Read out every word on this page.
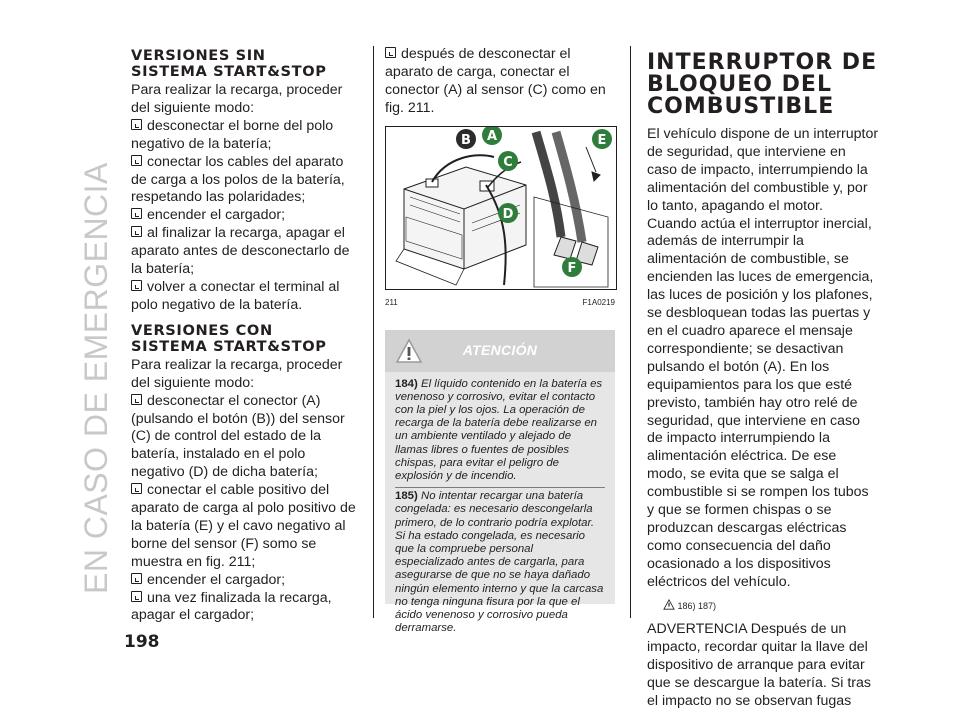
EN CASO DE EMERGENCIA
VERSIONES SIN
SISTEMA START&STOP

Para realizar la recarga, proceder del siguiente modo:

desconectar el borne del polo negativo de la batería;

conectar los cables del aparato de carga a los polos de la batería, respetando las polaridades;

encender el cargador;

al finalizar la recarga, apagar el aparato antes de desconectarlo de la batería;

volver a conectar el terminal al polo negativo de la batería.

VERSIONES CON
SISTEMA START&STOP

Para realizar la recarga, proceder del siguiente modo:

desconectar el conector (A) (pulsando el botón (B)) del sensor (C) de control del estado de la batería, instalado en el polo negativo (D) de dicha batería;

conectar el cable positivo del aparato de carga al polo positivo de la batería (E) y el cavo negativo al borne del sensor (F) somo se muestra en fig. 211;

encender el cargador;

una vez finalizada la recarga, apagar el cargador;

después de desconectar el aparato de carga, conectar el conector (A) al sensor (C) como en fig. 211.

B A
C
D
E
F
211	F1A0219
ATENCIÓN
184) El líquido contenido en la batería es venenoso y corrosivo, evitar el contacto con la piel y los ojos. La operación de recarga de la batería debe realizarse en un ambiente ventilado y alejado de llamas libres o fuentes de posibles chispas, para evitar el peligro de explosión y de incendio.
185) No intentar recargar una batería congelada: es necesario descongelarla primero, de lo contrario podría explotar. Si ha estado congelada, es necesario que la compruebe personal especializado antes de cargarla, para asegurarse de que no se haya dañado ningún elemento interno y que la carcasa no tenga ninguna fisura por la que el ácido venenoso y corrosivo pueda derramarse.
INTERRUPTOR DE
BLOQUEO DEL
COMBUSTIBLE

El vehículo dispone de un interruptor de seguridad, que interviene en caso de impacto, interrumpiendo la alimentación del combustible y, por lo tanto, apagando el motor.

Cuando actúa el interruptor inercial, además de interrumpir la alimentación de combustible, se encienden las luces de emergencia, las luces de posición y los plafones, se desbloquean todas las puertas y en el cuadro aparece el mensaje correspondiente; se desactivan pulsando el botón (A). En los equipamientos para los que esté previsto, también hay otro relé de seguridad, que interviene en caso de impacto interrumpiendo la alimentación eléctrica. De ese modo, se evita que se salga el combustible si se rompen los tubos y que se formen chispas o se produzcan descargas eléctricas como consecuencia del daño ocasionado a los dispositivos eléctricos del vehículo.

186) 187)

ADVERTENCIA Después de un impacto, recordar quitar la llave del dispositivo de arranque para evitar que se descargue la batería. Si tras el impacto no se observan fugas

198
